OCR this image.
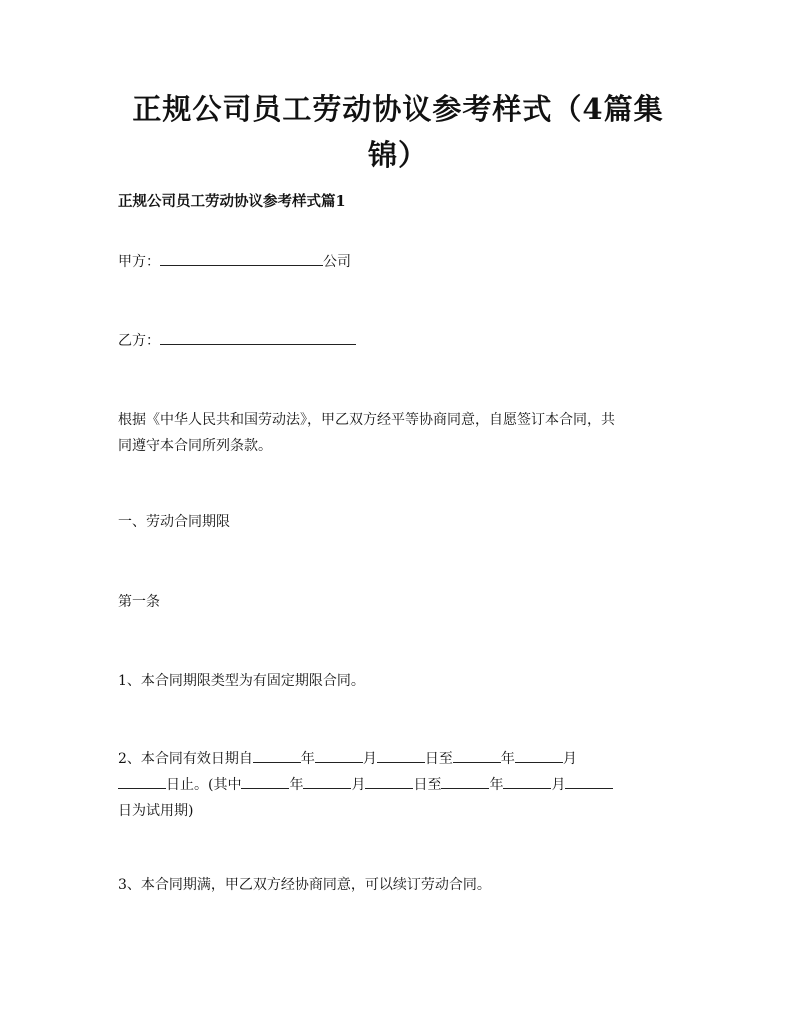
正规公司员工劳动协议参考样式（4篇集
锦）
正规公司员工劳动协议参考样式篇1
甲方：	公司
乙方：
根据《中华人民共和国劳动法》，甲乙双方经平等协商同意，自愿签订本合同，共
同遵守本合同所列条款。
一、劳动合同期限
第一条
1、本合同期限类型为有固定期限合同。
2、本合同有效日期自	年	月	日至	年	月
日止。(其中	年	月	日至	年	月
日为试用期)
3、本合同期满，甲乙双方经协商同意，可以续订劳动合同。
